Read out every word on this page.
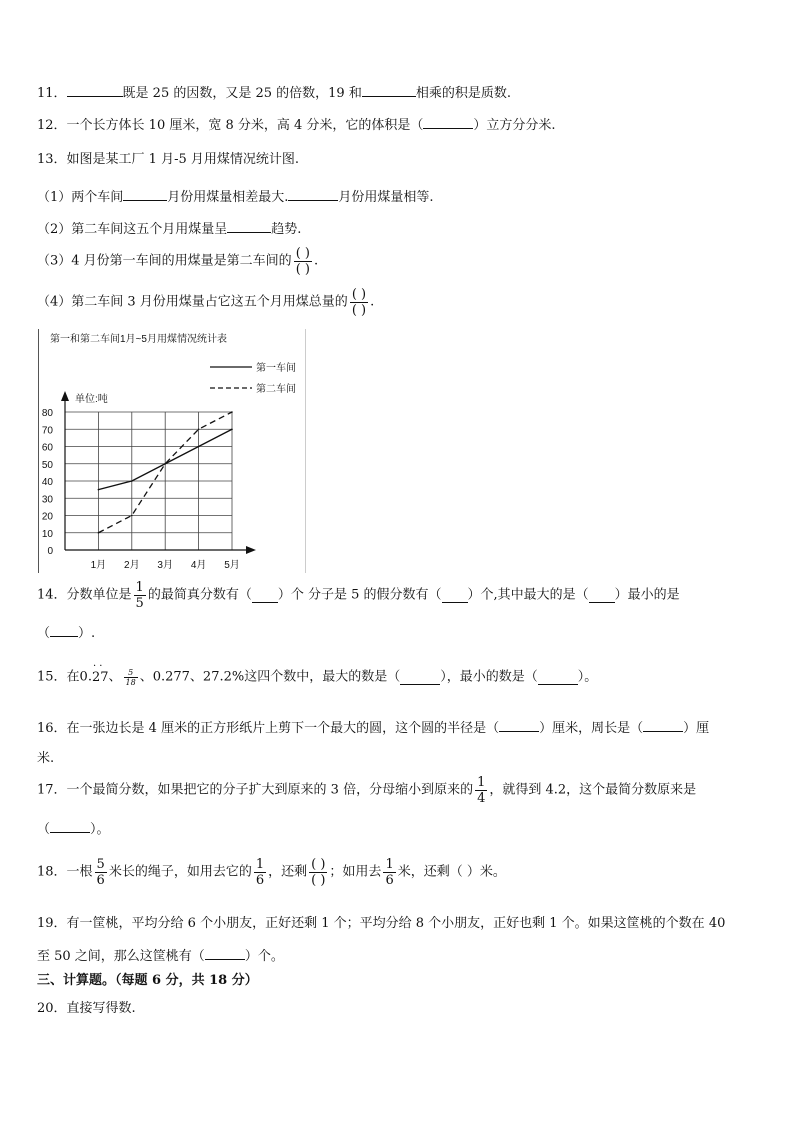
11．	既是 25 的因数，又是 25 的倍数，19 和	相乘的积是质数.
12．一个长方体长 10 厘米，宽 8 分米，高 4 分米，它的体积是（	）立方分分米.
13．如图是某工厂 1 月-5 月用煤情况统计图.
（1）两个车间	月份用煤量相差最大.	月份用煤量相等.
（2）第二车间这五个月用煤量呈	趋势.
（3）4 月份第一车间的用煤量是第二车间的 $\frac{( )}{( )}$ .
（4）第二车间 3 月份用煤量占它这五个月用煤总量的 $\frac{( )}{( )}$ .
第一和第二车间1月~5月用煤情况统计表
第一车间
第二车间
0
10
20
30
40
50
60
70
80
1月 2月 3月 4月 5月
单位:吨
14．分数单位是 $\frac{1}{5}$ 的最简真分数有（ ）个 分子是 5 的假分数有（ ）个,其中最大的是（ ）最小的是
（ ）.
15．在0.
· ·
27、 $\frac{5}{18}$ 、0.277、27.2%这四个数中，最大的数是（	），最小的数是（	）。
16．在一张边长是 4 厘米的正方形纸片上剪下一个最大的圆，这个圆的半径是（	）厘米，周长是（	）厘
米.
17．一个最简分数，如果把它的分子扩大到原来的 3 倍，分母缩小到原来的 $\frac{1}{4}$ ，就得到 4.2，这个最简分数原来是
（	）。
18．一根 $\frac{5}{6}$ 米长的绳子，如用去它的 $\frac{1}{6}$ ，还剩 $\frac{( )}{( )}$ ；如用去 $\frac{1}{6}$ 米，还剩（ ）米。
19．有一筐桃，平均分给 6 个小朋友，正好还剩 1 个；平均分给 8 个小朋友，正好也剩 1 个。如果这筐桃的个数在 40
至 50 之间，那么这筐桃有（	）个。
三、计算题。（每题 6 分，共 18 分）
20．直接写得数.
